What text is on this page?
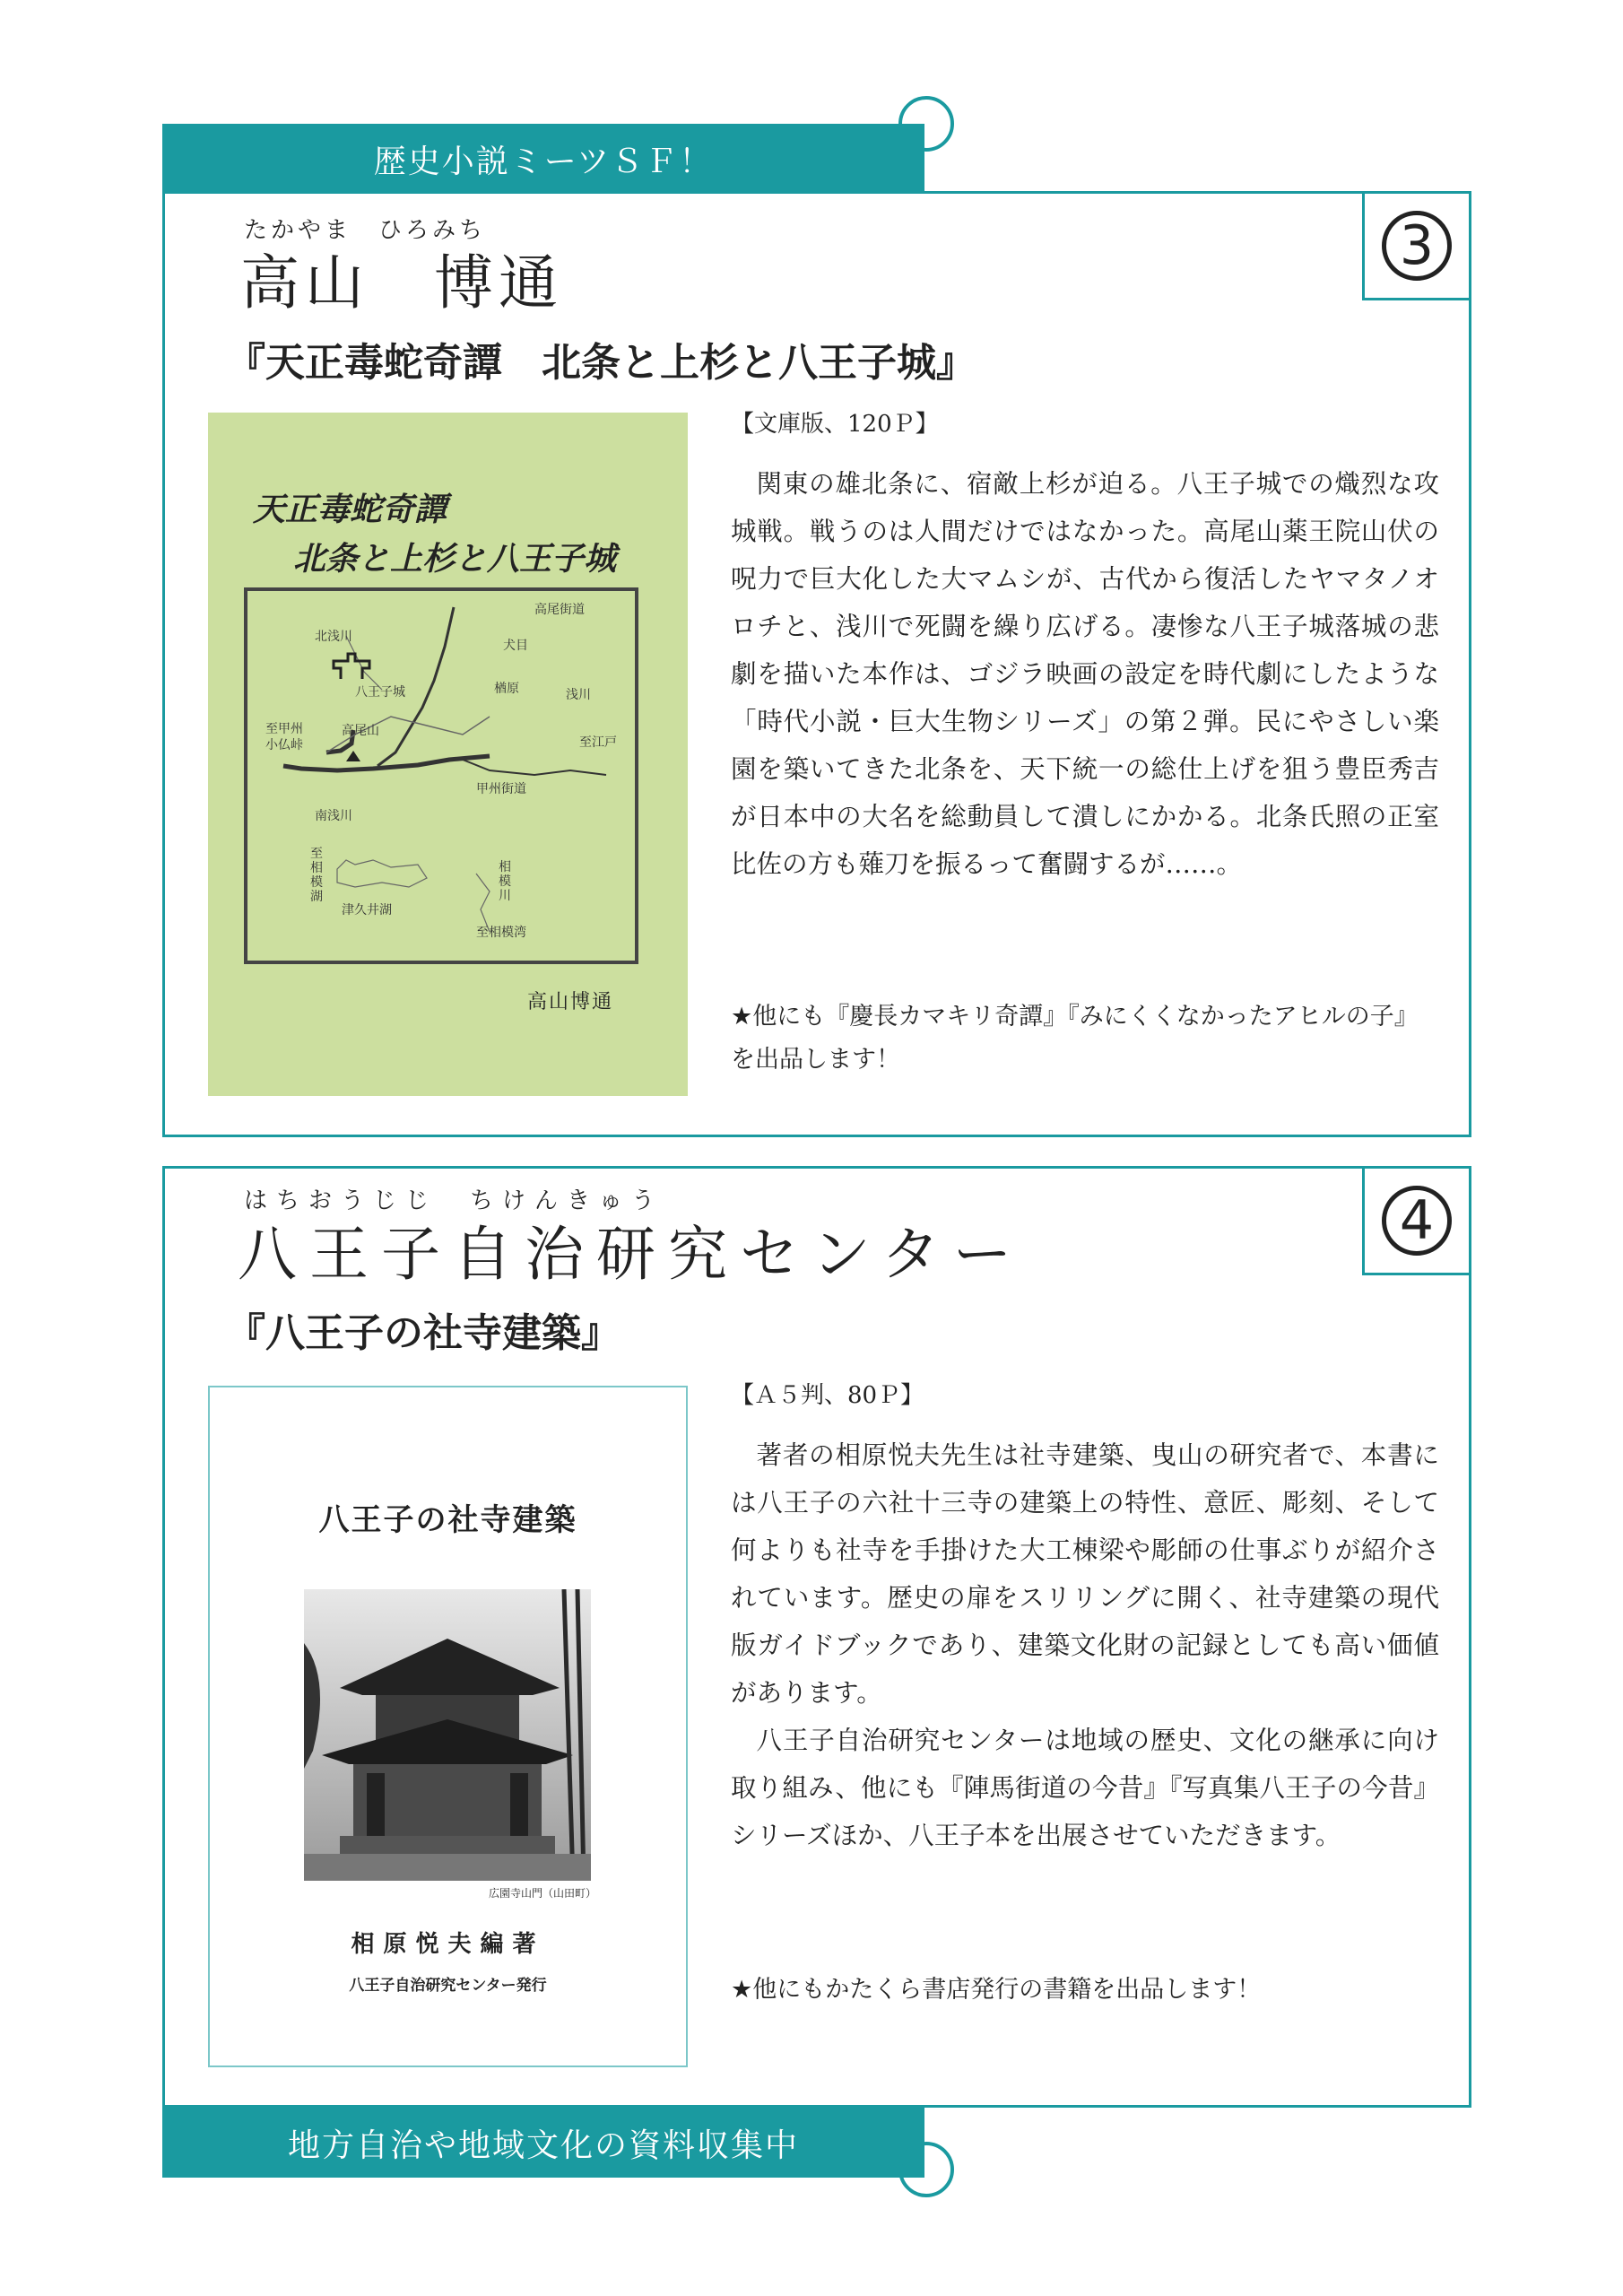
歴史小説ミーツＳＦ！
3
たかやま　ひろみち
高山　博通
『天正毒蛇奇譚　北条と上杉と八王子城』
【文庫版、120Ｐ】

関東の雄北条に、宿敵上杉が迫る。八王子城での熾烈な攻城戦。戦うのは人間だけではなかった。高尾山薬王院山伏の呪力で巨大化した大マムシが、古代から復活したヤマタノオロチと、浅川で死闘を繰り広げる。凄惨な八王子城落城の悲劇を描いた本作は、ゴジラ映画の設定を時代劇にしたような「時代小説・巨大生物シリーズ」の第２弾。民にやさしい楽園を築いてきた北条を、天下統一の総仕上げを狙う豊臣秀吉が日本中の大名を総動員して潰しにかかる。北条氏照の正室比佐の方も薙刀を振るって奮闘するが……。

★他にも『慶長カマキリ奇譚』『みにくくなかったアヒルの子』を出品します！
天正毒蛇奇譚
北条と上杉と八王子城
北浅川
高尾街道
犬目
八王子城	楢原	浅川
至甲州
小仏峠
高尾山
至江戸
甲州街道
南浅川
至
相
模
湖
津久井湖
相
模
川
至相模湾
高山博通
4
はちおうじじ　ちけんきゅう
八王子自治研究センター
『八王子の社寺建築』
【Ａ５判、80Ｐ】

著者の相原悦夫先生は社寺建築、曳山の研究者で、本書には八王子の六社十三寺の建築上の特性、意匠、彫刻、そして何よりも社寺を手掛けた大工棟梁や彫師の仕事ぶりが紹介されています。歴史の扉をスリリングに開く、社寺建築の現代版ガイドブックであり、建築文化財の記録としても高い価値があります。

八王子自治研究センターは地域の歴史、文化の継承に向け取り組み、他にも『陣馬街道の今昔』『写真集八王子の今昔』シリーズほか、八王子本を出展させていただきます。

★他にもかたくら書店発行の書籍を出品します！
八王子の社寺建築
広園寺山門（山田町）
相原悦夫編著
八王子自治研究センター発行
地方自治や地域文化の資料収集中
